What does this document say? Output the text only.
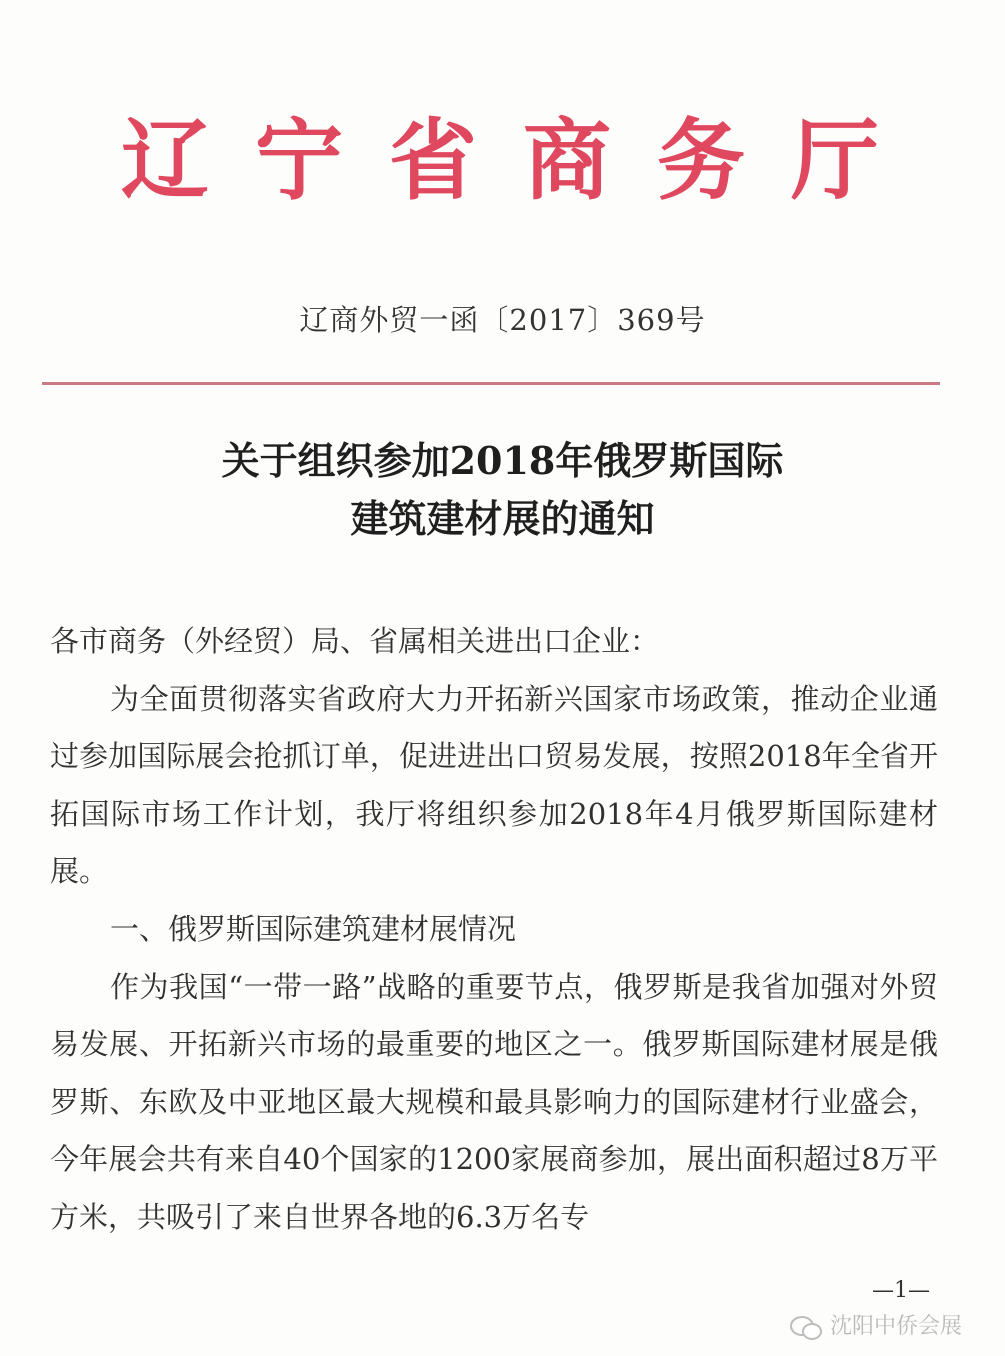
辽 宁 省 商 务 厅
辽商外贸一函〔2017〕369号
关于组织参加2018年俄罗斯国际
建筑建材展的通知

各市商务（外经贸）局、省属相关进出口企业：

为全面贯彻落实省政府大力开拓新兴国家市场政策，推动企业通过参加国际展会抢抓订单，促进进出口贸易发展，按照2018年全省开拓国际市场工作计划，我厅将组织参加2018年4月俄罗斯国际建材展。

一、俄罗斯国际建筑建材展情况

作为我国“一带一路”战略的重要节点，俄罗斯是我省加强对外贸易发展、开拓新兴市场的最重要的地区之一。俄罗斯国际建材展是俄罗斯、东欧及中亚地区最大规模和最具影响力的国际建材行业盛会，今年展会共有来自40个国家的1200家展商参加，展出面积超过8万平方米，共吸引了来自世界各地的6.3万名专

—1—
沈阳中侨会展
